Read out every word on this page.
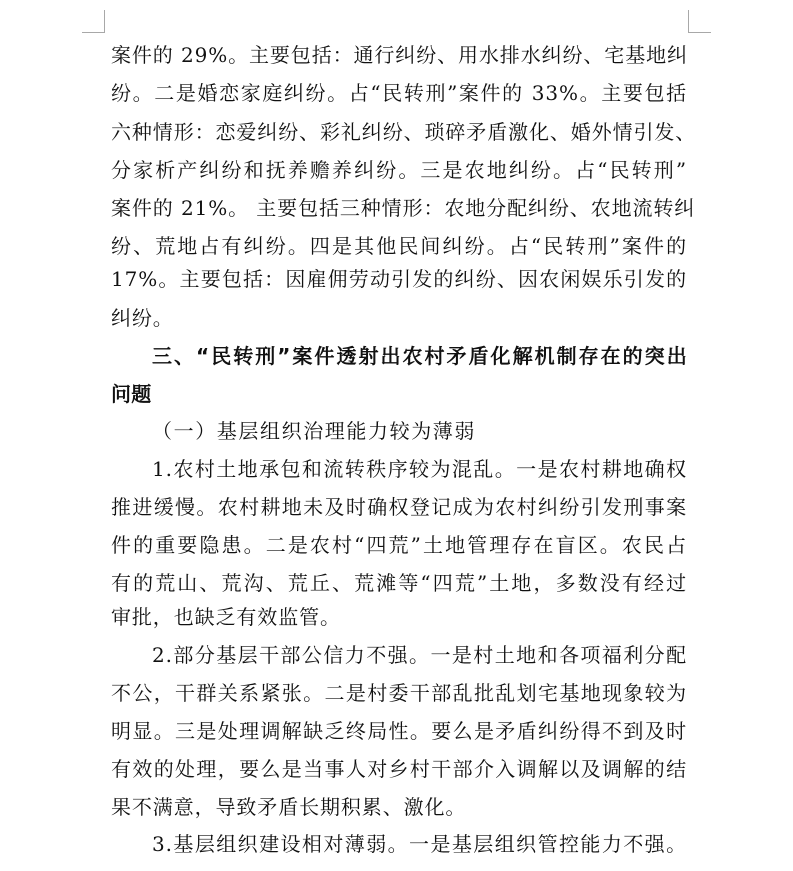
案件的 29%。主要包括：通行纠纷、用水排水纠纷、宅基地纠
纷。二是婚恋家庭纠纷。占“民转刑”案件的 33%。主要包括
六种情形：恋爱纠纷、彩礼纠纷、琐碎矛盾激化、婚外情引发、
分家析产纠纷和抚养赡养纠纷。三是农地纠纷。占“民转刑”
案件的 21%。 主要包括三种情形：农地分配纠纷、农地流转纠
纷、荒地占有纠纷。四是其他民间纠纷。占“民转刑”案件的
17%。主要包括：因雇佣劳动引发的纠纷、因农闲娱乐引发的
纠纷。
三、“民转刑”案件透射出农村矛盾化解机制存在的突出
问题
（一）基层组织治理能力较为薄弱
1.农村土地承包和流转秩序较为混乱。一是农村耕地确权
推进缓慢。农村耕地未及时确权登记成为农村纠纷引发刑事案
件的重要隐患。二是农村“四荒”土地管理存在盲区。农民占
有的荒山、荒沟、荒丘、荒滩等“四荒”土地，多数没有经过
审批，也缺乏有效监管。
2.部分基层干部公信力不强。一是村土地和各项福利分配
不公，干群关系紧张。二是村委干部乱批乱划宅基地现象较为
明显。三是处理调解缺乏终局性。要么是矛盾纠纷得不到及时
有效的处理，要么是当事人对乡村干部介入调解以及调解的结
果不满意，导致矛盾长期积累、激化。
3.基层组织建设相对薄弱。一是基层组织管控能力不强。
